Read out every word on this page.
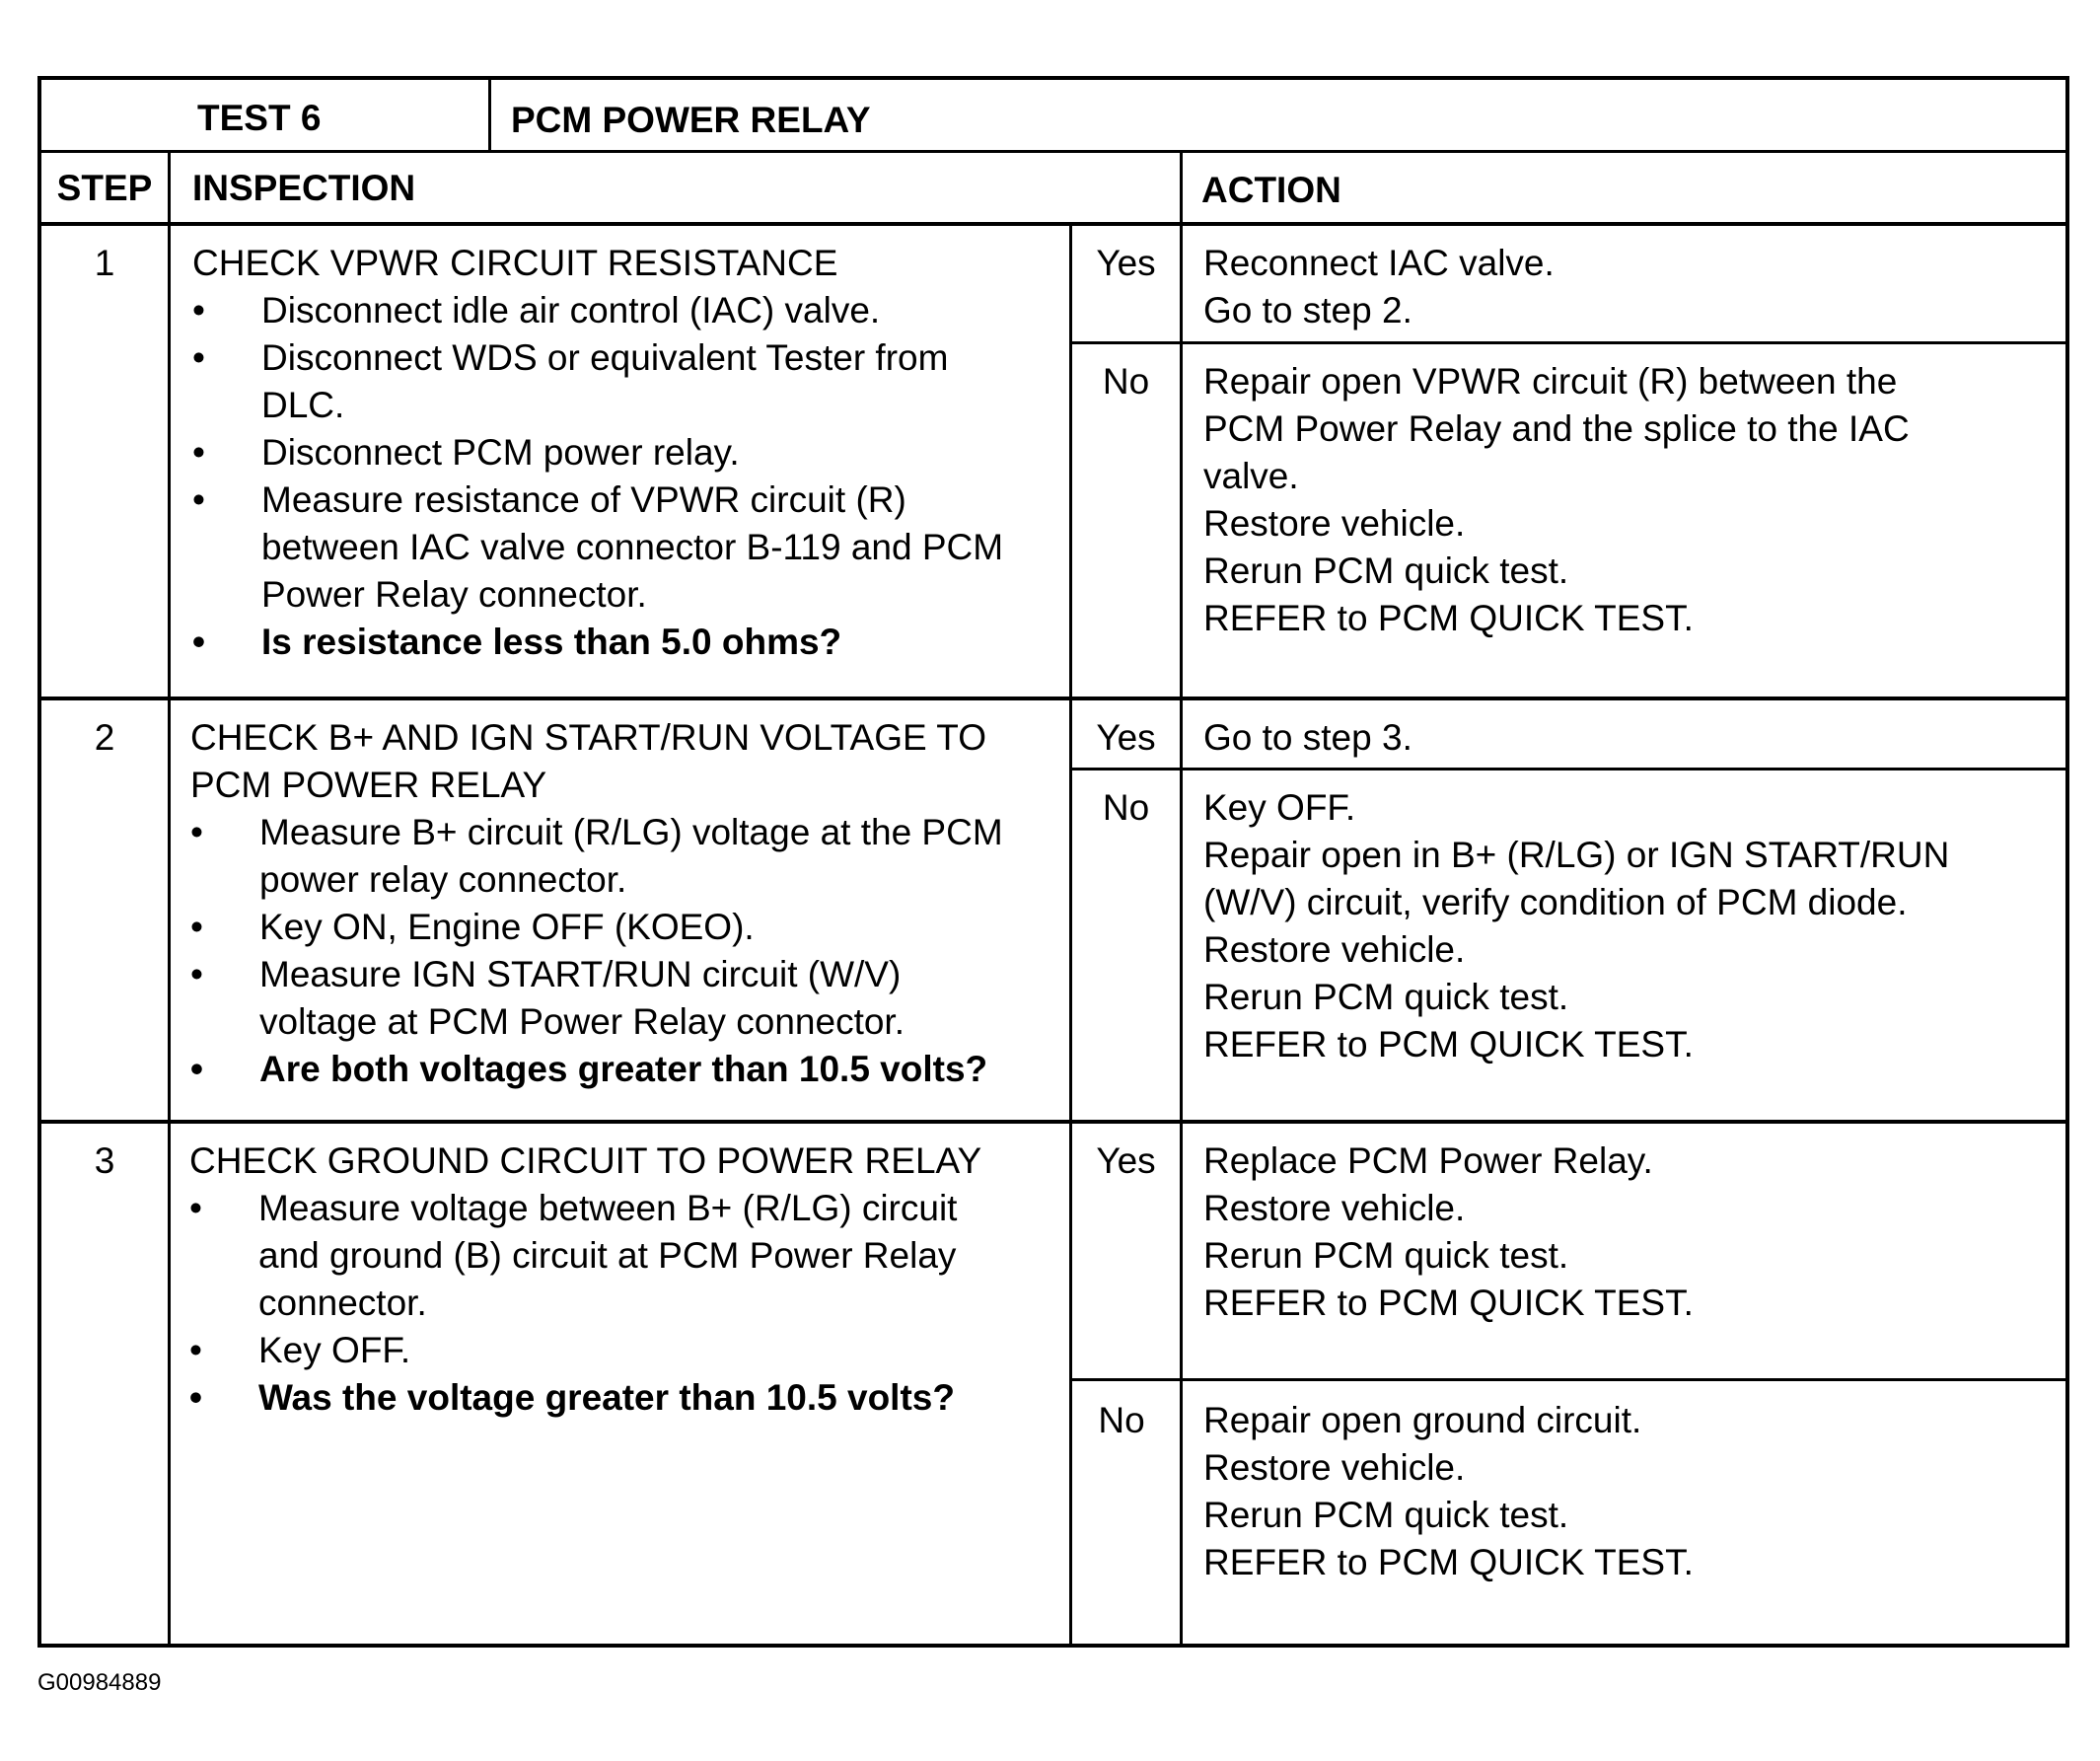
TEST 6	PCM POWER RELAY
STEP	INSPECTION	ACTION
1	CHECK VPWR CIRCUIT RESISTANCE
• Disconnect idle air control (IAC) valve.
• Disconnect WDS or equivalent Tester from
DLC.
• Disconnect PCM power relay.
• Measure resistance of VPWR circuit (R)
between IAC valve connector B-119 and PCM
Power Relay connector.
• Is resistance less than 5.0 ohms?
Yes	Reconnect IAC valve.
Go to step 2.
No	Repair open VPWR circuit (R) between the
PCM Power Relay and the splice to the IAC
valve.
Restore vehicle.
Rerun PCM quick test.
REFER to PCM QUICK TEST.
2	CHECK B+ AND IGN START/RUN VOLTAGE TO
PCM POWER RELAY
• Measure B+ circuit (R/LG) voltage at the PCM
power relay connector.
• Key ON, Engine OFF (KOEO).
• Measure IGN START/RUN circuit (W/V)
voltage at PCM Power Relay connector.
• Are both voltages greater than 10.5 volts?
Yes	Go to step 3.
No	Key OFF.
Repair open in B+ (R/LG) or IGN START/RUN
(W/V) circuit, verify condition of PCM diode.
Restore vehicle.
Rerun PCM quick test.
REFER to PCM QUICK TEST.
3	CHECK GROUND CIRCUIT TO POWER RELAY
• Measure voltage between B+ (R/LG) circuit
and ground (B) circuit at PCM Power Relay
connector.
• Key OFF.
• Was the voltage greater than 10.5 volts?
Yes	Replace PCM Power Relay.
Restore vehicle.
Rerun PCM quick test.
REFER to PCM QUICK TEST.
No	Repair open ground circuit.
Restore vehicle.
Rerun PCM quick test.
REFER to PCM QUICK TEST.
G00984889
